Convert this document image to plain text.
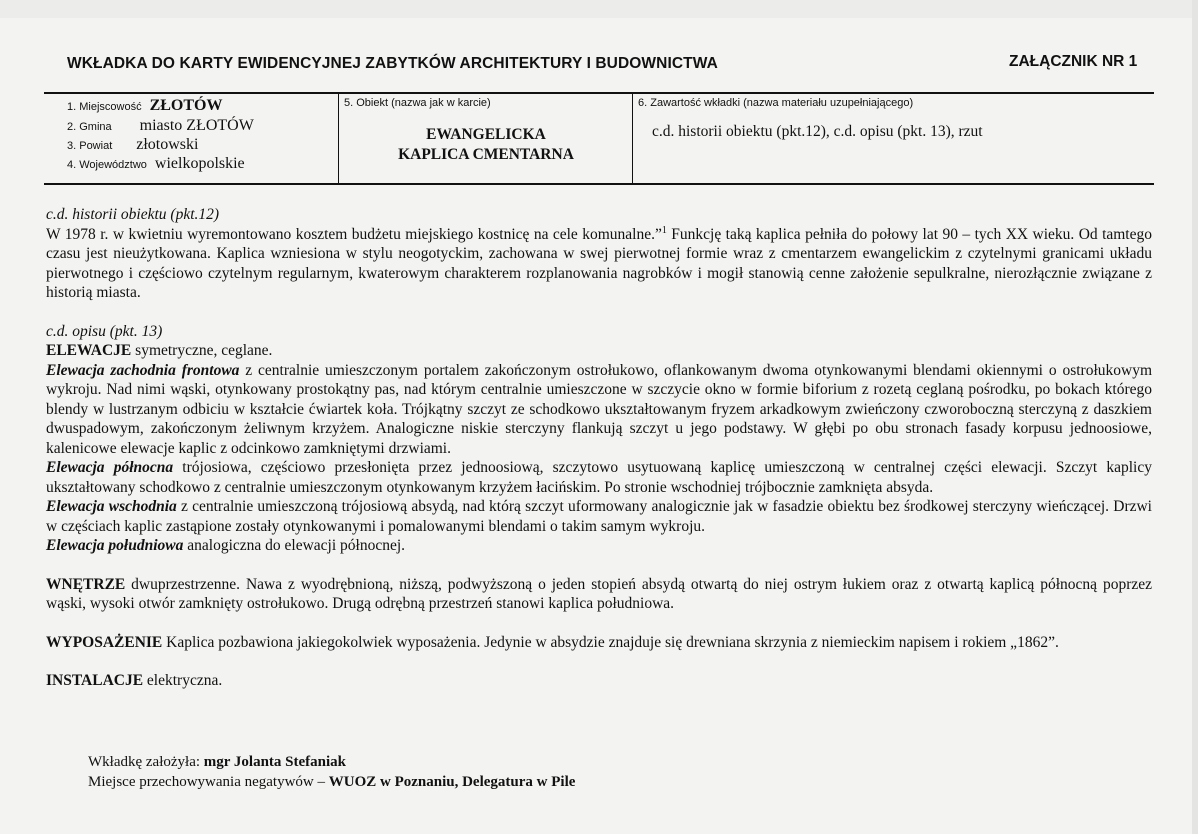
WKŁADKA DO KARTY EWIDENCYJNEJ ZABYTKÓW ARCHITEKTURY I BUDOWNICTWA	ZAŁĄCZNIK NR 1
1. Miejscowość ZŁOTÓW
2. Gmina miasto ZŁOTÓW
3. Powiat złotowski
4. Województwo wielkopolskie
5. Obiekt (nazwa jak w karcie)
EWANGELICKA
KAPLICA CMENTARNA
6. Zawartość wkładki (nazwa materiału uzupełniającego)
c.d. historii obiektu (pkt.12), c.d. opisu (pkt. 13), rzut

c.d. historii obiektu (pkt.12)

W 1978 r. w kwietniu wyremontowano kosztem budżetu miejskiego kostnicę na cele komunalne.”$^1$ Funkcję taką kaplica pełniła do połowy lat 90 – tych XX wieku. Od tamtego czasu jest nieużytkowana. Kaplica wzniesiona w stylu neogotyckim, zachowana w swej pierwotnej formie wraz z cmentarzem ewangelickim z czytelnymi granicami układu pierwotnego i częściowo czytelnym regularnym, kwaterowym charakterem rozplanowania nagrobków i mogił stanowią cenne założenie sepulkralne, nierozłącznie związane z historią miasta.

c.d. opisu (pkt. 13)

ELEWACJE symetryczne, ceglane.

Elewacja zachodnia frontowa z centralnie umieszczonym portalem zakończonym ostrołukowo, oflankowanym dwoma otynkowanymi blendami okiennymi o ostrołukowym wykroju. Nad nimi wąski, otynkowany prostokątny pas, nad którym centralnie umieszczone w szczycie okno w formie biforium z rozetą ceglaną pośrodku, po bokach którego blendy w lustrzanym odbiciu w kształcie ćwiartek koła. Trójkątny szczyt ze schodkowo ukształtowanym fryzem arkadkowym zwieńczony czworoboczną sterczyną z daszkiem dwuspadowym, zakończonym żeliwnym krzyżem. Analogiczne niskie sterczyny flankują szczyt u jego podstawy. W głębi po obu stronach fasady korpusu jednoosiowe, kalenicowe elewacje kaplic z odcinkowo zamkniętymi drzwiami.

Elewacja północna trójosiowa, częściowo przesłonięta przez jednoosiową, szczytowo usytuowaną kaplicę umieszczoną w centralnej części elewacji. Szczyt kaplicy ukształtowany schodkowo z centralnie umieszczonym otynkowanym krzyżem łacińskim. Po stronie wschodniej trójbocznie zamknięta absyda.

Elewacja wschodnia z centralnie umieszczoną trójosiową absydą, nad którą szczyt uformowany analogicznie jak w fasadzie obiektu bez środkowej sterczyny wieńczącej. Drzwi w częściach kaplic zastąpione zostały otynkowanymi i pomalowanymi blendami o takim samym wykroju.

Elewacja południowa analogiczna do elewacji północnej.

WNĘTRZE dwuprzestrzenne. Nawa z wyodrębnioną, niższą, podwyższoną o jeden stopień absydą otwartą do niej ostrym łukiem oraz z otwartą kaplicą północną poprzez wąski, wysoki otwór zamknięty ostrołukowo. Drugą odrębną przestrzeń stanowi kaplica południowa.

WYPOSAŻENIE Kaplica pozbawiona jakiegokolwiek wyposażenia. Jedynie w absydzie znajduje się drewniana skrzynia z niemieckim napisem i rokiem „1862”.

INSTALACJE elektryczna.

Wkładkę założyła: mgr Jolanta Stefaniak
Miejsce przechowywania negatywów – WUOZ w Poznaniu, Delegatura w Pile
